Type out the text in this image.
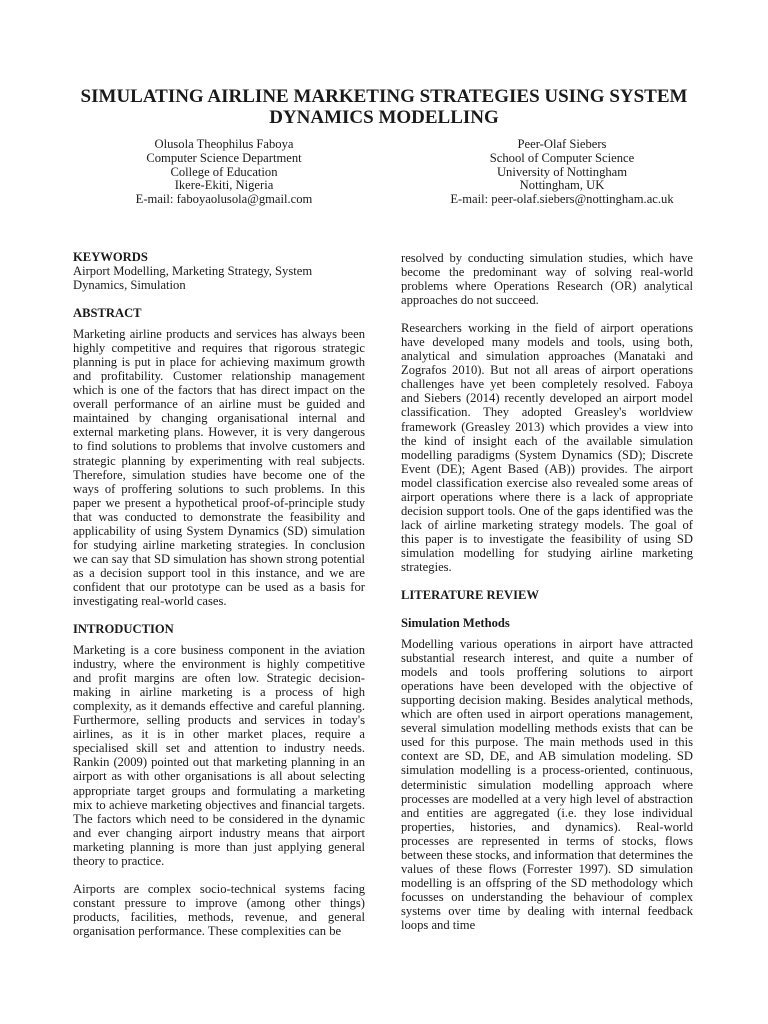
SIMULATING AIRLINE MARKETING STRATEGIES USING SYSTEM DYNAMICS MODELLING
Olusola Theophilus Faboya
Computer Science Department
College of Education
Ikere-Ekiti, Nigeria
E-mail: faboyaolusola@gmail.com
Peer-Olaf Siebers
School of Computer Science
University of Nottingham
Nottingham, UK
E-mail: peer-olaf.siebers@nottingham.ac.uk
KEYWORDS

Airport Modelling, Marketing Strategy, System Dynamics, Simulation

ABSTRACT

Marketing airline products and services has always been highly competitive and requires that rigorous strategic planning is put in place for achieving maximum growth and profitability. Customer relationship management which is one of the factors that has direct impact on the overall performance of an airline must be guided and maintained by changing organisational internal and external marketing plans. However, it is very dangerous to find solutions to problems that involve customers and strategic planning by experimenting with real subjects. Therefore, simulation studies have become one of the ways of proffering solutions to such problems. In this paper we present a hypothetical proof-of-principle study that was conducted to demonstrate the feasibility and applicability of using System Dynamics (SD) simulation for studying airline marketing strategies. In conclusion we can say that SD simulation has shown strong potential as a decision support tool in this instance, and we are confident that our prototype can be used as a basis for investigating real-world cases.

INTRODUCTION

Marketing is a core business component in the aviation industry, where the environment is highly competitive and profit margins are often low. Strategic decision-making in airline marketing is a process of high complexity, as it demands effective and careful planning. Furthermore, selling products and services in today's airlines, as it is in other market places, require a specialised skill set and attention to industry needs. Rankin (2009) pointed out that marketing planning in an airport as with other organisations is all about selecting appropriate target groups and formulating a marketing mix to achieve marketing objectives and financial targets. The factors which need to be considered in the dynamic and ever changing airport industry means that airport marketing planning is more than just applying general theory to practice.

Airports are complex socio-technical systems facing constant pressure to improve (among other things) products, facilities, methods, revenue, and general organisation performance. These complexities can be

resolved by conducting simulation studies, which have become the predominant way of solving real-world problems where Operations Research (OR) analytical approaches do not succeed.

Researchers working in the field of airport operations have developed many models and tools, using both, analytical and simulation approaches (Manataki and Zografos 2010). But not all areas of airport operations challenges have yet been completely resolved. Faboya and Siebers (2014) recently developed an airport model classification. They adopted Greasley's worldview framework (Greasley 2013) which provides a view into the kind of insight each of the available simulation modelling paradigms (System Dynamics (SD); Discrete Event (DE); Agent Based (AB)) provides. The airport model classification exercise also revealed some areas of airport operations where there is a lack of appropriate decision support tools. One of the gaps identified was the lack of airline marketing strategy models. The goal of this paper is to investigate the feasibility of using SD simulation modelling for studying airline marketing strategies.

LITERATURE REVIEW
Simulation Methods

Modelling various operations in airport have attracted substantial research interest, and quite a number of models and tools proffering solutions to airport operations have been developed with the objective of supporting decision making. Besides analytical methods, which are often used in airport operations management, several simulation modelling methods exists that can be used for this purpose. The main methods used in this context are SD, DE, and AB simulation modeling. SD simulation modelling is a process-oriented, continuous, deterministic simulation modelling approach where processes are modelled at a very high level of abstraction and entities are aggregated (i.e. they lose individual properties, histories, and dynamics). Real-world processes are represented in terms of stocks, flows between these stocks, and information that determines the values of these flows (Forrester 1997). SD simulation modelling is an offspring of the SD methodology which focusses on understanding the behaviour of complex systems over time by dealing with internal feedback loops and time
